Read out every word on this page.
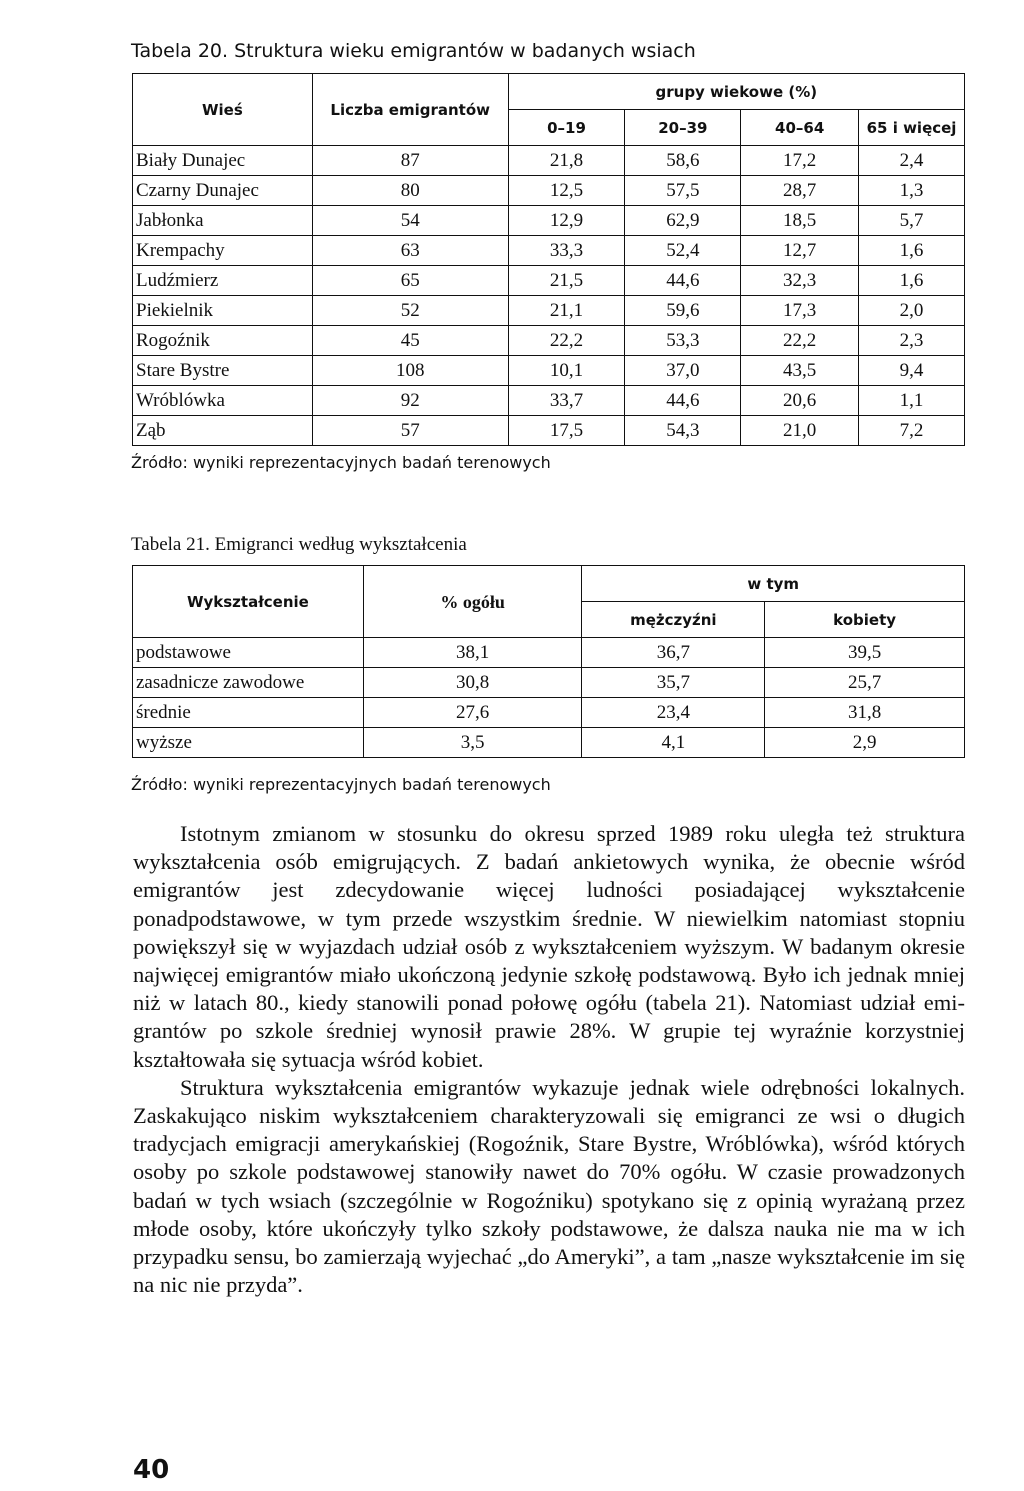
Tabela 20. Struktura wieku emigrantów w badanych wsiach
Wieś	Liczba emigrantów	grupy wiekowe (%)			
		0–19	20–39	40–64	65 i więcej
Biały Dunajec	87	21,8	58,6	17,2	2,4
Czarny Dunajec	80	12,5	57,5	28,7	1,3
Jabłonka	54	12,9	62,9	18,5	5,7
Krempachy	63	33,3	52,4	12,7	1,6
Ludźmierz	65	21,5	44,6	32,3	1,6
Piekielnik	52	21,1	59,6	17,3	2,0
Rogoźnik	45	22,2	53,3	22,2	2,3
Stare Bystre	108	10,1	37,0	43,5	9,4
Wróblówka	92	33,7	44,6	20,6	1,1
Ząb	57	17,5	54,3	21,0	7,2
Źródło: wyniki reprezentacyjnych badań terenowych
Tabela 21. Emigranci według wykształcenia
Wykształcenie	% ogółu	w tym	
		mężczyźni	kobiety
podstawowe	38,1	36,7	39,5
zasadnicze zawodowe	30,8	35,7	25,7
średnie	27,6	23,4	31,8
wyższe	3,5	4,1	2,9
Źródło: wyniki reprezentacyjnych badań terenowych

Istotnym zmianom w stosunku do okresu sprzed 1989 roku uległa też struktura wykształcenia osób emigrujących. Z badań ankietowych wynika, że obecnie wśród emigrantów jest zdecydowanie więcej ludności posiadającej wykształcenie ponadpodstawowe, w tym przede wszystkim średnie. W niewielkim natomiast stopniu powiększył się w wyjazdach udział osób z wykształceniem wyższym. W badanym okresie najwięcej emigrantów miało ukończoną jedynie szkołę podstawową. Było ich jednak mniej niż w latach 80., kiedy stanowili ponad połowę ogółu (tabela 21). Natomiast udział emigrantów po szkole średniej wynosił prawie 28%. W grupie tej wyraźnie korzystniej kształtowała się sytuacja wśród kobiet.

Struktura wykształcenia emigrantów wykazuje jednak wiele odrębności lokalnych. Zaskakująco niskim wykształceniem charakteryzowali się emigranci ze wsi o długich tradycjach emigracji amerykańskiej (Rogoźnik, Stare Bystre, Wróblówka), wśród których osoby po szkole podstawowej stanowiły nawet do 70% ogółu. W czasie prowadzonych badań w tych wsiach (szczególnie w Rogoźniku) spotykano się z opinią wyrażaną przez młode osoby, które ukończyły tylko szkoły podstawowe, że dalsza nauka nie ma w ich przypadku sensu, bo zamierzają wyjechać „do Ameryki”, a tam „nasze wykształcenie im się na nic nie przyda”.

40
